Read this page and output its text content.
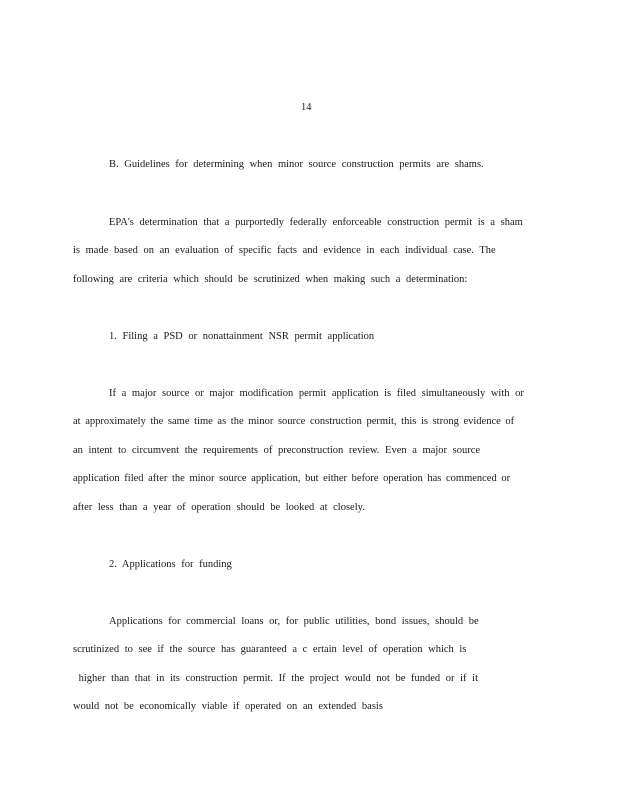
14
B. Guidelines for determining when minor source construction permits are shams.
EPA's determination that a purportedly federally enforceable construction permit is a sham
is made based on an evaluation of specific facts and evidence in each individual case. The
following are criteria which should be scrutinized when making such a determination:
1. Filing a PSD or nonattainment NSR permit application
If a major source or major modification permit application is filed simultaneously with or
at approximately the same time as the minor source construction permit, this is strong evidence of
an intent to circumvent the requirements of preconstruction review. Even a major source
application filed after the minor source application, but either before operation has commenced or
after less than a year of operation should be looked at closely.
2. Applications for funding
Applications for commercial loans or, for public utilities, bond issues, should be
scrutinized to see if the source has guaranteed a c ertain level of operation which is
higher than that in its construction permit. If the project would not be funded or if it
would not be economically viable if operated on an extended basis
